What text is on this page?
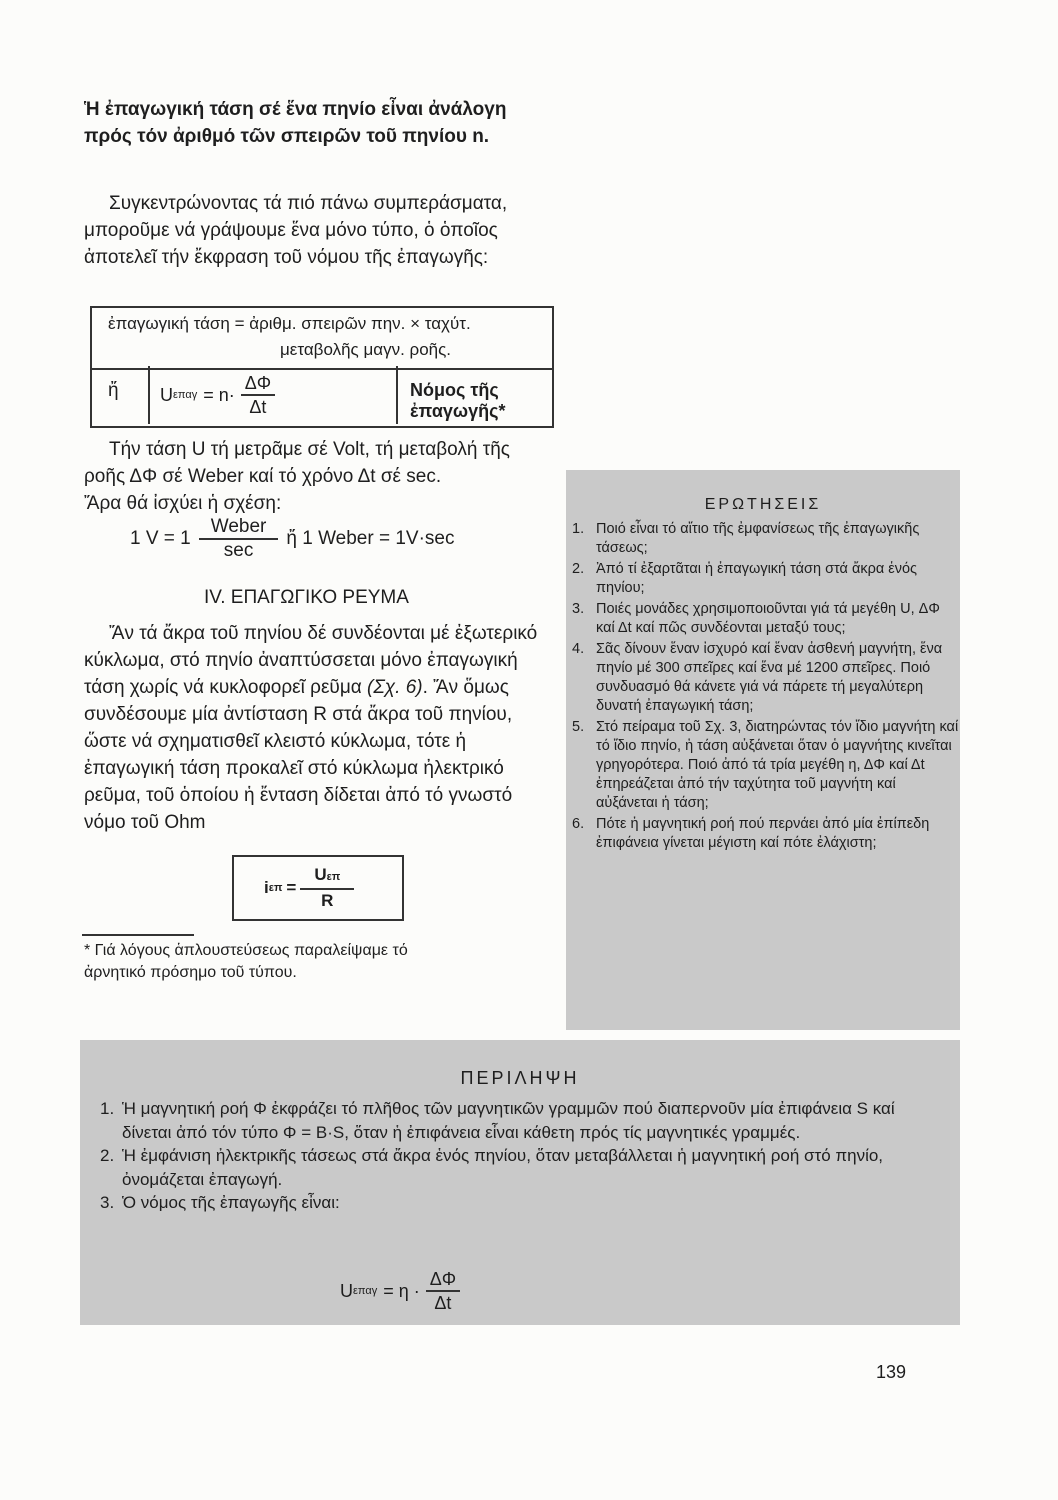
Ἡ ἐπαγωγική τάση σέ ἕνα πηνίο εἶναι ἀνάλογη πρός τόν ἀριθμό τῶν σπειρῶν τοῦ πηνίου n.

Συγκεντρώνοντας τά πιό πάνω συμπεράσματα, μποροῦμε νά γράψουμε ἕνα μόνο τύπο, ὁ ὁποῖος ἀποτελεῖ τήν ἔκφραση τοῦ νόμου τῆς ἐπαγωγῆς:

ἐπαγωγική τάση = ἀριθμ. σπειρῶν πην. × ταχύτ.
μεταβολῆς μαγν. ροῆς.
ἤ U $\varepsilon\pi\alpha\gamma = n\cdot \frac{\Delta\Phi}{\Delta t}$	Νόμος τῆς ἐπαγωγῆς*

Τήν τάση U τή μετρᾶμε σέ Volt, τή μεταβολή τῆς ροῆς ΔΦ σέ Weber καί τό χρόνο Δt σέ sec.

Ἄρα θά ἰσχύει ἡ σχέση:

1 $V = 1 \frac{\text{Weber}}{\sec}$ ἤ 1 Weber = 1V·sec
IV. ΕΠΑΓΩΓΙΚΟ ΡΕΥΜΑ

Ἄν τά ἄκρα τοῦ πηνίου δέ συνδέονται μέ ἐξωτερικό κύκλωμα, στό πηνίο ἀναπτύσσεται μόνο ἐπαγωγική τάση χωρίς νά κυκλοφορεῖ ρεῦμα (Σχ. 6). Ἄν ὅμως συνδέσουμε μία ἀντίσταση R στά ἄκρα τοῦ πηνίου, ὥστε νά σχηματισθεῖ κλειστό κύκλωμα, τότε ἡ ἐπαγωγική τάση προκαλεῖ στό κύκλωμα ἠλεκτρικό ρεῦμα, τοῦ ὁποίου ἡ ἔνταση δίδεται ἀπό τό γνωστό νόμο τοῦ Ohm

i $\varepsilon\pi = \frac{\text{Uεπ}}{R}$

* Γιά λόγους ἁπλουστεύσεως παραλείψαμε τό ἀρνητικό πρόσημο τοῦ τύπου.

ΕΡΩΤΗΣΕΙΣ
1. Ποιό εἶναι τό αἴτιο τῆς ἐμφανίσεως τῆς ἐπαγωγικῆς τάσεως;
2. Ἀπό τί ἐξαρτᾶται ἡ ἐπαγωγική τάση στά ἄκρα ἑνός πηνίου;
3. Ποιές μονάδες χρησιμοποιοῦνται γιά τά μεγέθη U, ΔΦ καί Δt καί πῶς συνδέονται μεταξύ τους;
4. Σᾶς δίνουν ἕναν ἰσχυρό καί ἕναν ἀσθενή μαγνήτη, ἕνα πηνίο μέ 300 σπεῖρες καί ἕνα μέ 1200 σπεῖρες. Ποιό συνδυασμό θά κάνετε γιά νά πάρετε τή μεγαλύτερη δυνατή ἐπαγωγική τάση;
5. Στό πείραμα τοῦ Σχ. 3, διατηρώντας τόν ἴδιο μαγνήτη καί τό ἴδιο πηνίο, ἡ τάση αὐξάνεται ὅταν ὁ μαγνήτης κινεῖται γρηγορότερα. Ποιό ἀπό τά τρία μεγέθη η, ΔΦ καί Δt ἐπηρεάζεται ἀπό τήν ταχύτητα τοῦ μαγνήτη καί αὐξάνεται ἡ τάση;
6. Πότε ἡ μαγνητική ροή πού περνάει ἀπό μία ἐπίπεδη ἐπιφάνεια γίνεται μέγιστη καί πότε ἐλάχιστη;
ΠΕΡΙΛΗΨΗ
1. Ἡ μαγνητική ροή Φ ἐκφράζει τό πλῆθος τῶν μαγνητικῶν γραμμῶν πού διαπερνοῦν μία ἐπιφάνεια S καί δίνεται ἀπό τόν τύπο Φ = B·S, ὅταν ἡ ἐπιφάνεια εἶναι κάθετη πρός τίς μαγνητικές γραμμές.
2. Ἡ ἐμφάνιση ἠλεκτρικῆς τάσεως στά ἄκρα ἑνός πηνίου, ὅταν μεταβάλλεται ἡ μαγνητική ροή στό πηνίο, ὀνομάζεται ἐπαγωγή.
3. Ὁ νόμος τῆς ἐπαγωγῆς εἶναι:
U $\varepsilon\pi\alpha\gamma = \eta \cdot \frac{\Delta\Phi}{\Delta t}$
139
